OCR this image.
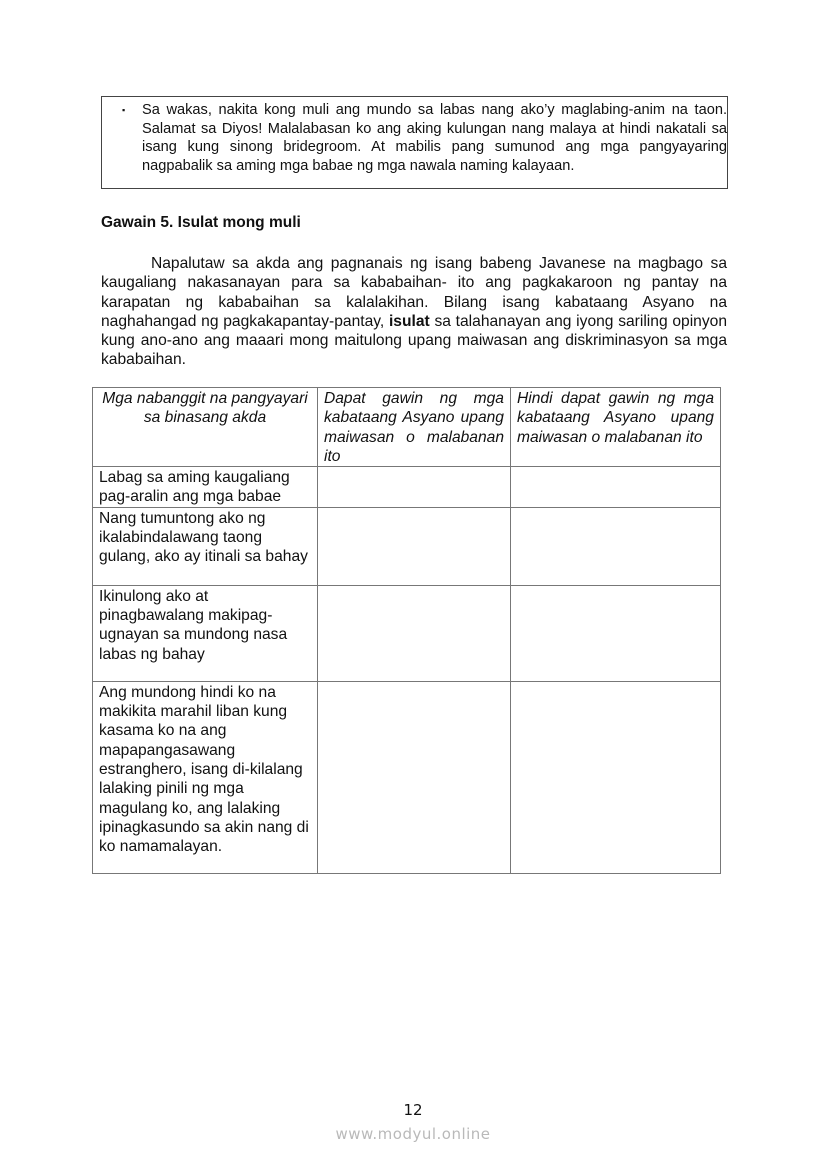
▪	Sa wakas, nakita kong muli ang mundo sa labas nang ako’y maglabing-anim na taon. Salamat sa Diyos! Malalabasan ko ang aking kulungan nang malaya at hindi nakatali sa isang kung sinong bridegroom. At mabilis pang sumunod ang mga pangyayaring nagpabalik sa aming mga babae ng mga nawala naming kalayaan.
Gawain 5. Isulat mong muli
Napalutaw sa akda ang pagnanais ng isang babeng Javanese na magbago sa kaugaliang nakasanayan para sa kababaihan- ito ang pagkakaroon ng pantay na karapatan ng kababaihan sa kalalakihan. Bilang isang kabataang Asyano na naghahangad ng pagkakapantay-pantay, isulat sa talahanayan ang iyong sariling opinyon kung ano-ano ang maaari mong maitulong upang maiwasan ang diskriminasyon sa mga kababaihan.
Mga nabanggit na pangyayari sa binasang akda	Dapat gawin ng mga kabataang Asyano upang maiwasan o malabanan ito	Hindi dapat gawin ng mga kabataang Asyano upang maiwasan o malabanan ito
Labag sa aming kaugaliang pag-aralin ang mga babae		
Nang tumuntong ako ng ikalabindalawang taong gulang, ako ay itinali sa bahay		
Ikinulong ako at pinagbawalang makipag-ugnayan sa mundong nasa labas ng bahay		
Ang mundong hindi ko na makikita marahil liban kung kasama ko na ang mapapangasawang estranghero, isang di-kilalang lalaking pinili ng mga magulang ko, ang lalaking ipinagkasundo sa akin nang di ko namamalayan.		
12
www.modyul.online
